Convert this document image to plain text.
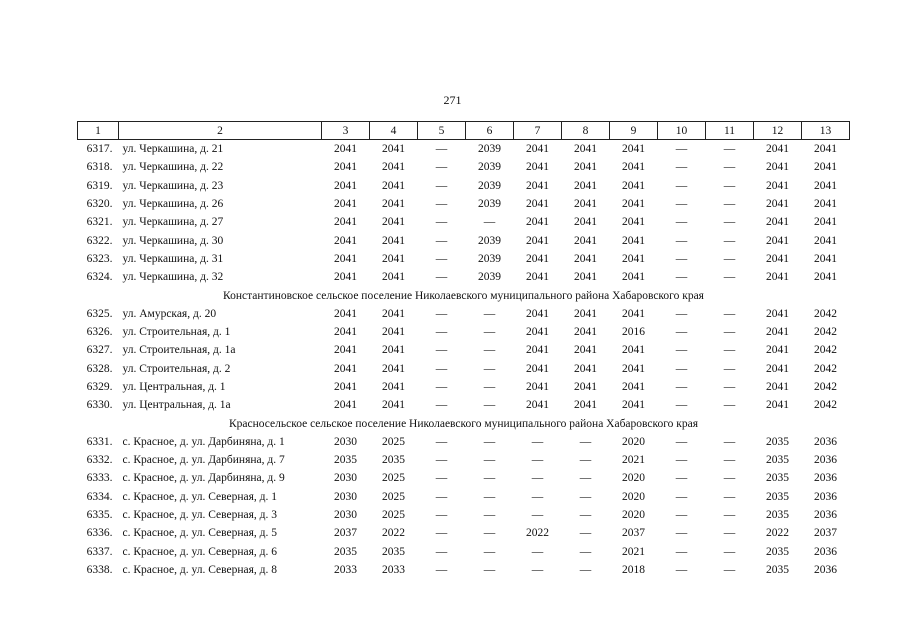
271
1	2	3	4	5	6	7	8	9	10	11	12	13
6317.	ул. Черкашина, д. 21	2041	2041	—	2039	2041	2041	2041	—	—	2041	2041
6318.	ул. Черкашина, д. 22	2041	2041	—	2039	2041	2041	2041	—	—	2041	2041
6319.	ул. Черкашина, д. 23	2041	2041	—	2039	2041	2041	2041	—	—	2041	2041
6320.	ул. Черкашина, д. 26	2041	2041	—	2039	2041	2041	2041	—	—	2041	2041
6321.	ул. Черкашина, д. 27	2041	2041	—	—	2041	2041	2041	—	—	2041	2041
6322.	ул. Черкашина, д. 30	2041	2041	—	2039	2041	2041	2041	—	—	2041	2041
6323.	ул. Черкашина, д. 31	2041	2041	—	2039	2041	2041	2041	—	—	2041	2041
6324.	ул. Черкашина, д. 32	2041	2041	—	2039	2041	2041	2041	—	—	2041	2041
Константиновское сельское поселение Николаевского муниципального района Хабаровского края												
6325.	ул. Амурская, д. 20	2041	2041	—	—	2041	2041	2041	—	—	2041	2042
6326.	ул. Строительная, д. 1	2041	2041	—	—	2041	2041	2016	—	—	2041	2042
6327.	ул. Строительная, д. 1а	2041	2041	—	—	2041	2041	2041	—	—	2041	2042
6328.	ул. Строительная, д. 2	2041	2041	—	—	2041	2041	2041	—	—	2041	2042
6329.	ул. Центральная, д. 1	2041	2041	—	—	2041	2041	2041	—	—	2041	2042
6330.	ул. Центральная, д. 1а	2041	2041	—	—	2041	2041	2041	—	—	2041	2042
Красносельское сельское поселение Николаевского муниципального района Хабаровского края												
6331.	с. Красное, д. ул. Дарбиняна, д. 1	2030	2025	—	—	—	—	2020	—	—	2035	2036
6332.	с. Красное, д. ул. Дарбиняна, д. 7	2035	2035	—	—	—	—	2021	—	—	2035	2036
6333.	с. Красное, д. ул. Дарбиняна, д. 9	2030	2025	—	—	—	—	2020	—	—	2035	2036
6334.	с. Красное, д. ул. Северная, д. 1	2030	2025	—	—	—	—	2020	—	—	2035	2036
6335.	с. Красное, д. ул. Северная, д. 3	2030	2025	—	—	—	—	2020	—	—	2035	2036
6336.	с. Красное, д. ул. Северная, д. 5	2037	2022	—	—	2022	—	2037	—	—	2022	2037
6337.	с. Красное, д. ул. Северная, д. 6	2035	2035	—	—	—	—	2021	—	—	2035	2036
6338.	с. Красное, д. ул. Северная, д. 8	2033	2033	—	—	—	—	2018	—	—	2035	2036
